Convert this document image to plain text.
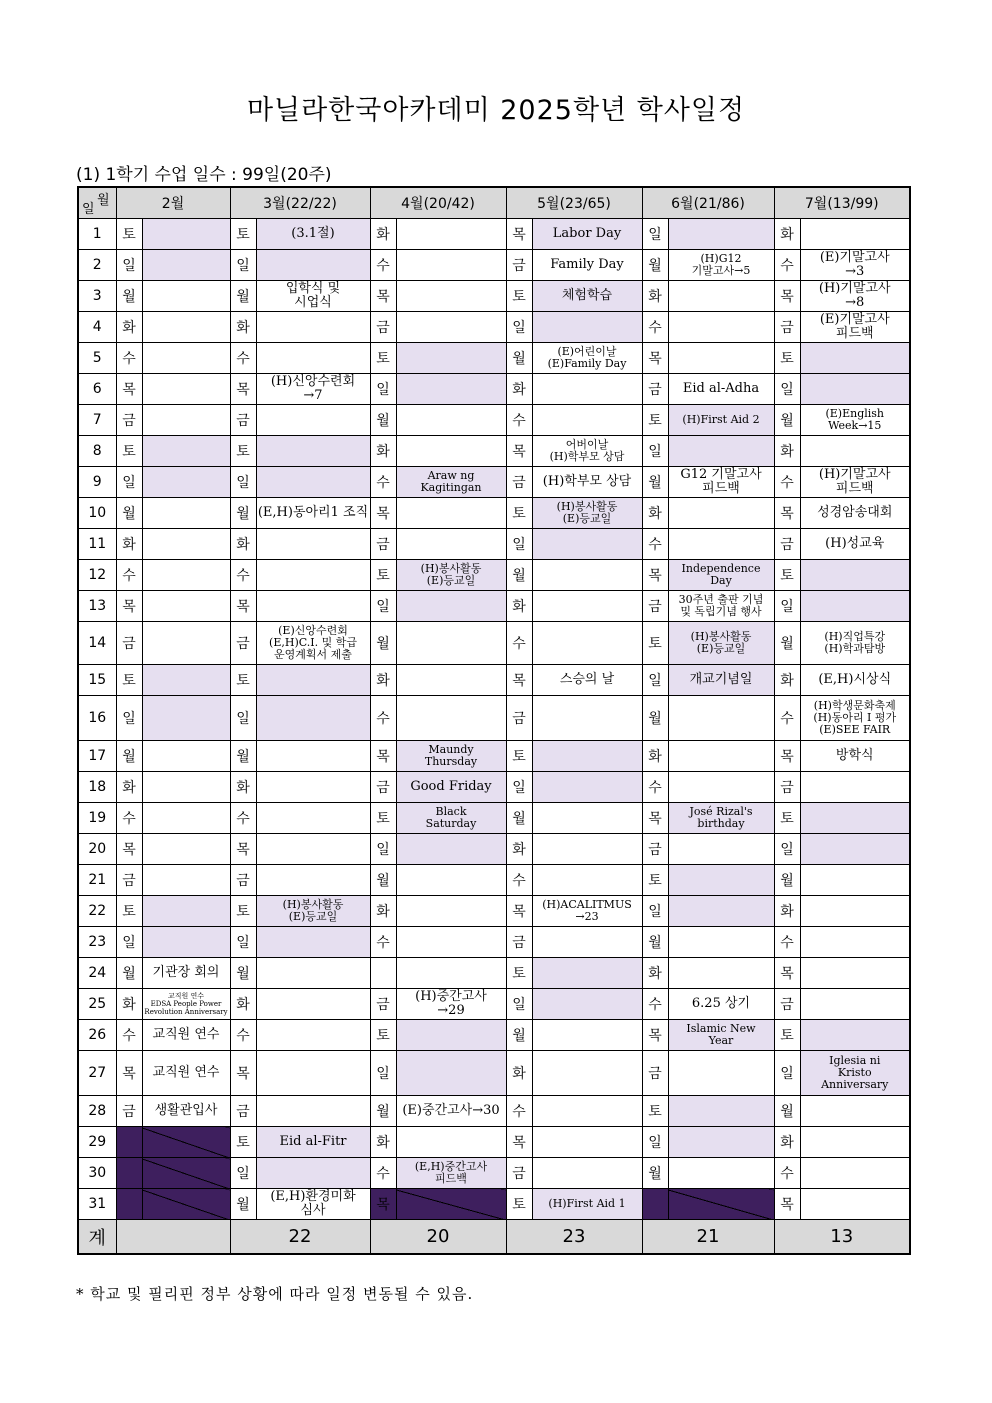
마닐라한국아카데미 2025학년 학사일정
(1) 1학기 수업 일수 : 99일(20주)
월
일	2월		3월(22/22)		4월(20/42)		5월(23/65)		6월(21/86)		7월(13/99)	
1	토		토	(3.1절)	화		목	Labor Day	일		화	
2	일		일		수		금	Family Day	월	(H)G12
기말고사→5	수	(E)기말고사
→3
3	월		월	입학식 및
시업식	목		토	체험학습	화		목	(H)기말고사
→8
4	화		화		금		일		수		금	(E)기말고사
피드백
5	수		수		토		월	(E)어린이날
(E)Family Day	목		토	
6	목		목	(H)신앙수련회
→7	일		화		금	Eid al-Adha	일	
7	금		금		월		수		토	(H)First Aid 2	월	(E)English
Week→15
8	토		토		화		목	어버이날
(H)학부모 상담	일		화	
9	일		일		수	Araw ng
Kagitingan	금	(H)학부모 상담	월	G12 기말고사
피드백	수	(H)기말고사
피드백
10	월		월	(E,H)동아리1 조직	목		토	(H)봉사활동
(E)등교일	화		목	성경암송대회
11	화		화		금		일		수		금	(H)성교육
12	수		수		토	(H)봉사활동
(E)등교일	월		목	Independence
Day	토	
13	목		목		일		화		금	30주년 출판 기념
및 독립기념 행사	일	
14	금		금	(E)신앙수련회
(E,H)C.I. 및 학급
운영계획서 제출	월		수		토	(H)봉사활동
(E)등교일	월	(H)직업특강
(H)학과탐방
15	토		토		화		목	스승의 날	일	개교기념일	화	(E,H)시상식
16	일		일		수		금		월		수	(H)학생문화축제
(H)동아리 I 평가
(E)SEE FAIR
17	월		월		목	Maundy
Thursday	토		화		목	방학식
18	화		화		금	Good Friday	일		수		금	
19	수		수		토	Black
Saturday	월		목	José Rizal's
birthday	토	
20	목		목		일		화		금		일	
21	금		금		월		수		토		월	
22	토		토	(H)봉사활동
(E)등교일	화		목	(H)ACALITMUS
→23	일		화	
23	일		일		수		금		월		수	
24	월	기관장 회의	월				토		화		목	
25	화	교직원 연수
EDSA People Power
Revolution Anniversary	화		금	(H)중간고사
→29	일		수	6.25 상기	금	
26	수	교직원 연수	수		토		월		목	Islamic New
Year	토	
27	목	교직원 연수	목		일		화		금		일	Iglesia ni
Kristo
Anniversary
28	금	생활관입사	금		월	(E)중간고사→30	수		토		월	
29			토	Eid al-Fitr	화		목		일		화	
30			일		수	(E,H)중간고사
피드백	금		월		수	
31			월	(E,H)환경미화
심사	목		토	(H)First Aid 1			목	
계			22		20		23		21		13	
* 학교 및 필리핀 정부 상황에 따라 일정 변동될 수 있음.
